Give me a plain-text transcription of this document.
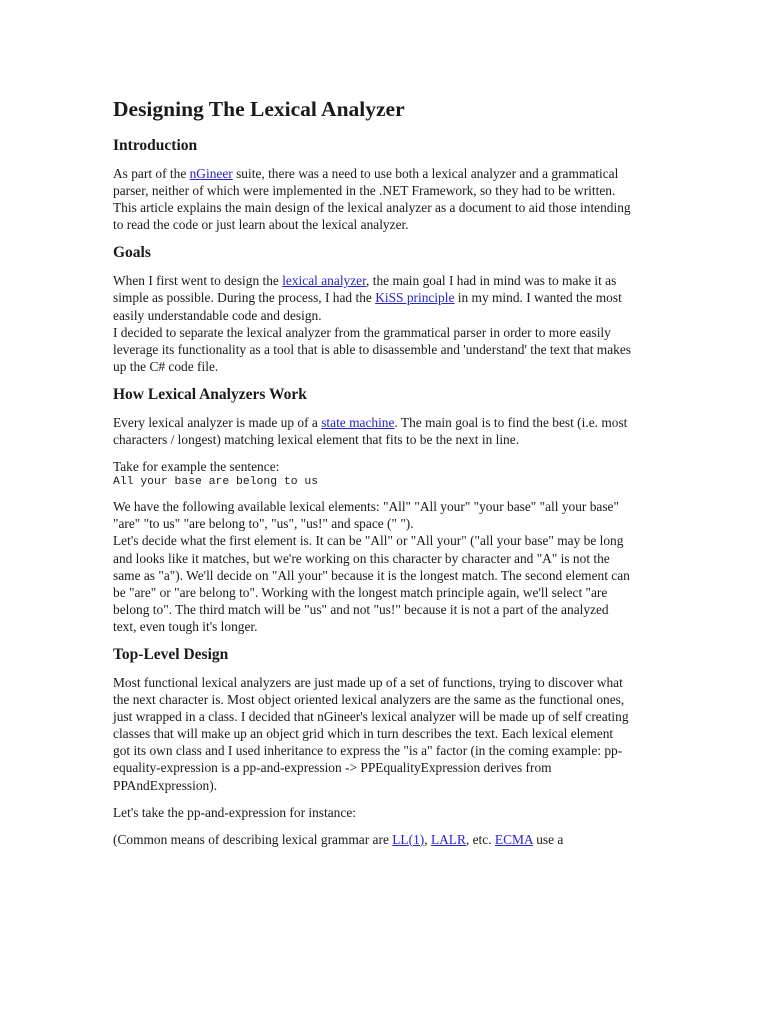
Designing The Lexical Analyzer
Introduction

As part of the nGineer suite, there was a need to use both a lexical analyzer and a grammatical parser, neither of which were implemented in the .NET Framework, so they had to be written. This article explains the main design of the lexical analyzer as a document to aid those intending to read the code or just learn about the lexical analyzer.

Goals

When I first went to design the lexical analyzer, the main goal I had in mind was to make it as simple as possible. During the process, I had the KiSS principle in my mind. I wanted the most easily understandable code and design.

I decided to separate the lexical analyzer from the grammatical parser in order to more easily leverage its functionality as a tool that is able to disassemble and 'understand' the text that makes up the C# code file.

How Lexical Analyzers Work

Every lexical analyzer is made up of a state machine. The main goal is to find the best (i.e. most characters / longest) matching lexical element that fits to be the next in line.

Take for example the sentence:

All your base are belong to us

We have the following available lexical elements: "All" "All your" "your base" "all your base" "are" "to us" "are belong to", "us", "us!" and space (" ").

Let's decide what the first element is. It can be "All" or "All your" ("all your base" may be long and looks like it matches, but we're working on this character by character and "A" is not the same as "a"). We'll decide on "All your" because it is the longest match. The second element can be "are" or "are belong to". Working with the longest match principle again, we'll select "are belong to". The third match will be "us" and not "us!" because it is not a part of the analyzed text, even tough it's longer.

Top-Level Design

Most functional lexical analyzers are just made up of a set of functions, trying to discover what the next character is. Most object oriented lexical analyzers are the same as the functional ones, just wrapped in a class. I decided that nGineer's lexical analyzer will be made up of self creating classes that will make up an object grid which in turn describes the text. Each lexical element got its own class and I used inheritance to express the "is a" factor (in the coming example: pp-equality-expression is a pp-and-expression -> PPEqualityExpression derives from PPAndExpression).

Let's take the pp-and-expression for instance:

(Common means of describing lexical grammar are LL(1), LALR, etc. ECMA use a
